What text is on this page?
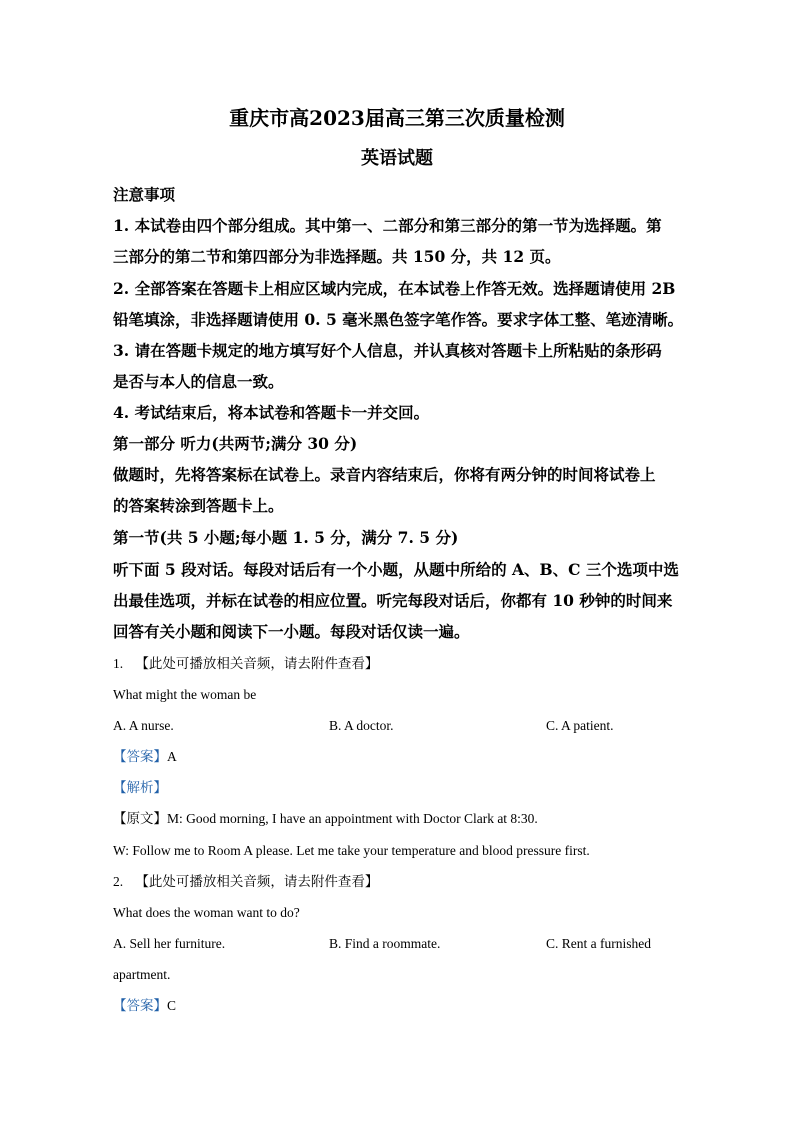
重庆市高2023届高三第三次质量检测
英语试题
注意事项
1. 本试卷由四个部分组成。其中第一、二部分和第三部分的第一节为选择题。第
三部分的第二节和第四部分为非选择题。共 150 分，共 12 页。
2. 全部答案在答题卡上相应区域内完成，在本试卷上作答无效。选择题请使用 2B
铅笔填涂，非选择题请使用 0. 5 毫米黑色签字笔作答。要求字体工整、笔迹清晰。
3. 请在答题卡规定的地方填写好个人信息，并认真核对答题卡上所粘贴的条形码
是否与本人的信息一致。
4. 考试结束后，将本试卷和答题卡一并交回。
第一部分 听力(共两节;满分 30 分)
做题时，先将答案标在试卷上。录音内容结束后，你将有两分钟的时间将试卷上
的答案转涂到答题卡上。
第一节(共 5 小题;每小题 1. 5 分，满分 7. 5 分)
听下面 5 段对话。每段对话后有一个小题，从题中所给的 A、B、C 三个选项中选
出最佳选项，并标在试卷的相应位置。听完每段对话后，你都有 10 秒钟的时间来
回答有关小题和阅读下一小题。每段对话仅读一遍。
1. 【此处可播放相关音频，请去附件查看】
What might the woman be
A. A nurse.	B. A doctor.	C. A patient.
【答案】A
【解析】
【原文】M: Good morning, I have an appointment with Doctor Clark at 8:30.
W: Follow me to Room A please. Let me take your temperature and blood pressure first.
2. 【此处可播放相关音频，请去附件查看】
What does the woman want to do?
A. Sell her furniture.	B. Find a roommate.	C. Rent a furnished
apartment.
【答案】C
